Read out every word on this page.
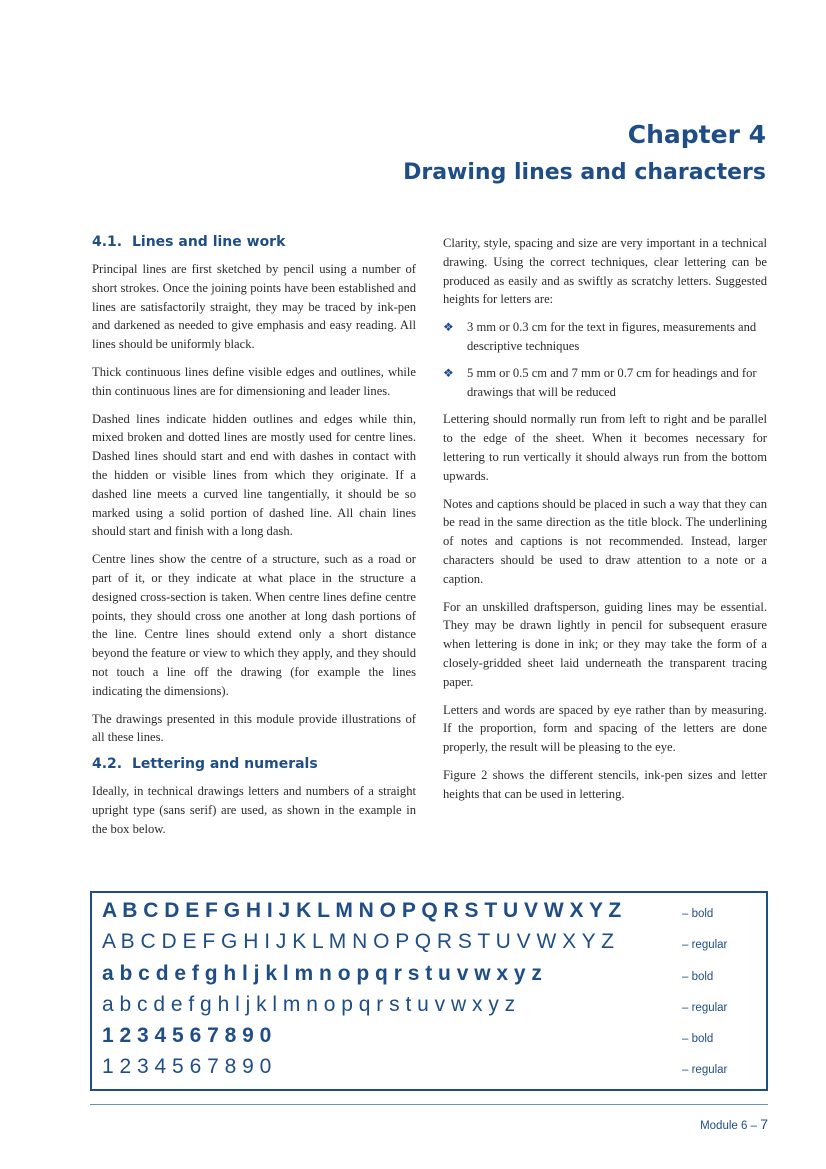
Chapter 4
Drawing lines and characters
4.1. Lines and line work

Principal lines are first sketched by pencil using a number of short strokes. Once the joining points have been established and lines are satisfactorily straight, they may be traced by ink-pen and darkened as needed to give emphasis and easy reading. All lines should be uniformly black.

Thick continuous lines define visible edges and outlines, while thin continuous lines are for dimensioning and leader lines.

Dashed lines indicate hidden outlines and edges while thin, mixed broken and dotted lines are mostly used for centre lines. Dashed lines should start and end with dashes in contact with the hidden or visible lines from which they originate. If a dashed line meets a curved line tangentially, it should be so marked using a solid portion of dashed line. All chain lines should start and finish with a long dash.

Centre lines show the centre of a structure, such as a road or part of it, or they indicate at what place in the structure a designed cross-section is taken. When centre lines define centre points, they should cross one another at long dash portions of the line. Centre lines should extend only a short distance beyond the feature or view to which they apply, and they should not touch a line off the drawing (for example the lines indicating the dimensions).

The drawings presented in this module provide illustrations of all these lines.

4.2. Lettering and numerals

Ideally, in technical drawings letters and numbers of a straight upright type (sans serif) are used, as shown in the example in the box below.

Clarity, style, spacing and size are very important in a technical drawing. Using the correct techniques, clear lettering can be produced as easily and as swiftly as scratchy letters. Suggested heights for letters are:

❖ 3 mm or 0.3 cm for the text in figures, measurements and descriptive techniques
❖ 5 mm or 0.5 cm and 7 mm or 0.7 cm for headings and for drawings that will be reduced

Lettering should normally run from left to right and be parallel to the edge of the sheet. When it becomes necessary for lettering to run vertically it should always run from the bottom upwards.

Notes and captions should be placed in such a way that they can be read in the same direction as the title block. The underlining of notes and captions is not recommended. Instead, larger characters should be used to draw attention to a note or a caption.

For an unskilled draftsperson, guiding lines may be essential. They may be drawn lightly in pencil for subsequent erasure when lettering is done in ink; or they may take the form of a closely-gridded sheet laid underneath the transparent tracing paper.

Letters and words are spaced by eye rather than by measuring. If the proportion, form and spacing of the letters are done properly, the result will be pleasing to the eye.

Figure 2 shows the different stencils, ink-pen sizes and letter heights that can be used in lettering.

A B C D E F G H I J K L M N O P Q R S T U V W X Y Z	– bold
A B C D E F G H I J K L M N O P Q R S T U V W X Y Z	– regular
a b c d e f g h l j k l m n o p q r s t u v w x y z	– bold
a b c d e f g h l j k l m n o p q r s t u v w x y z	– regular
1 2 3 4 5 6 7 8 9 0	– bold
1 2 3 4 5 6 7 8 9 0	– regular
Module 6 – 7
